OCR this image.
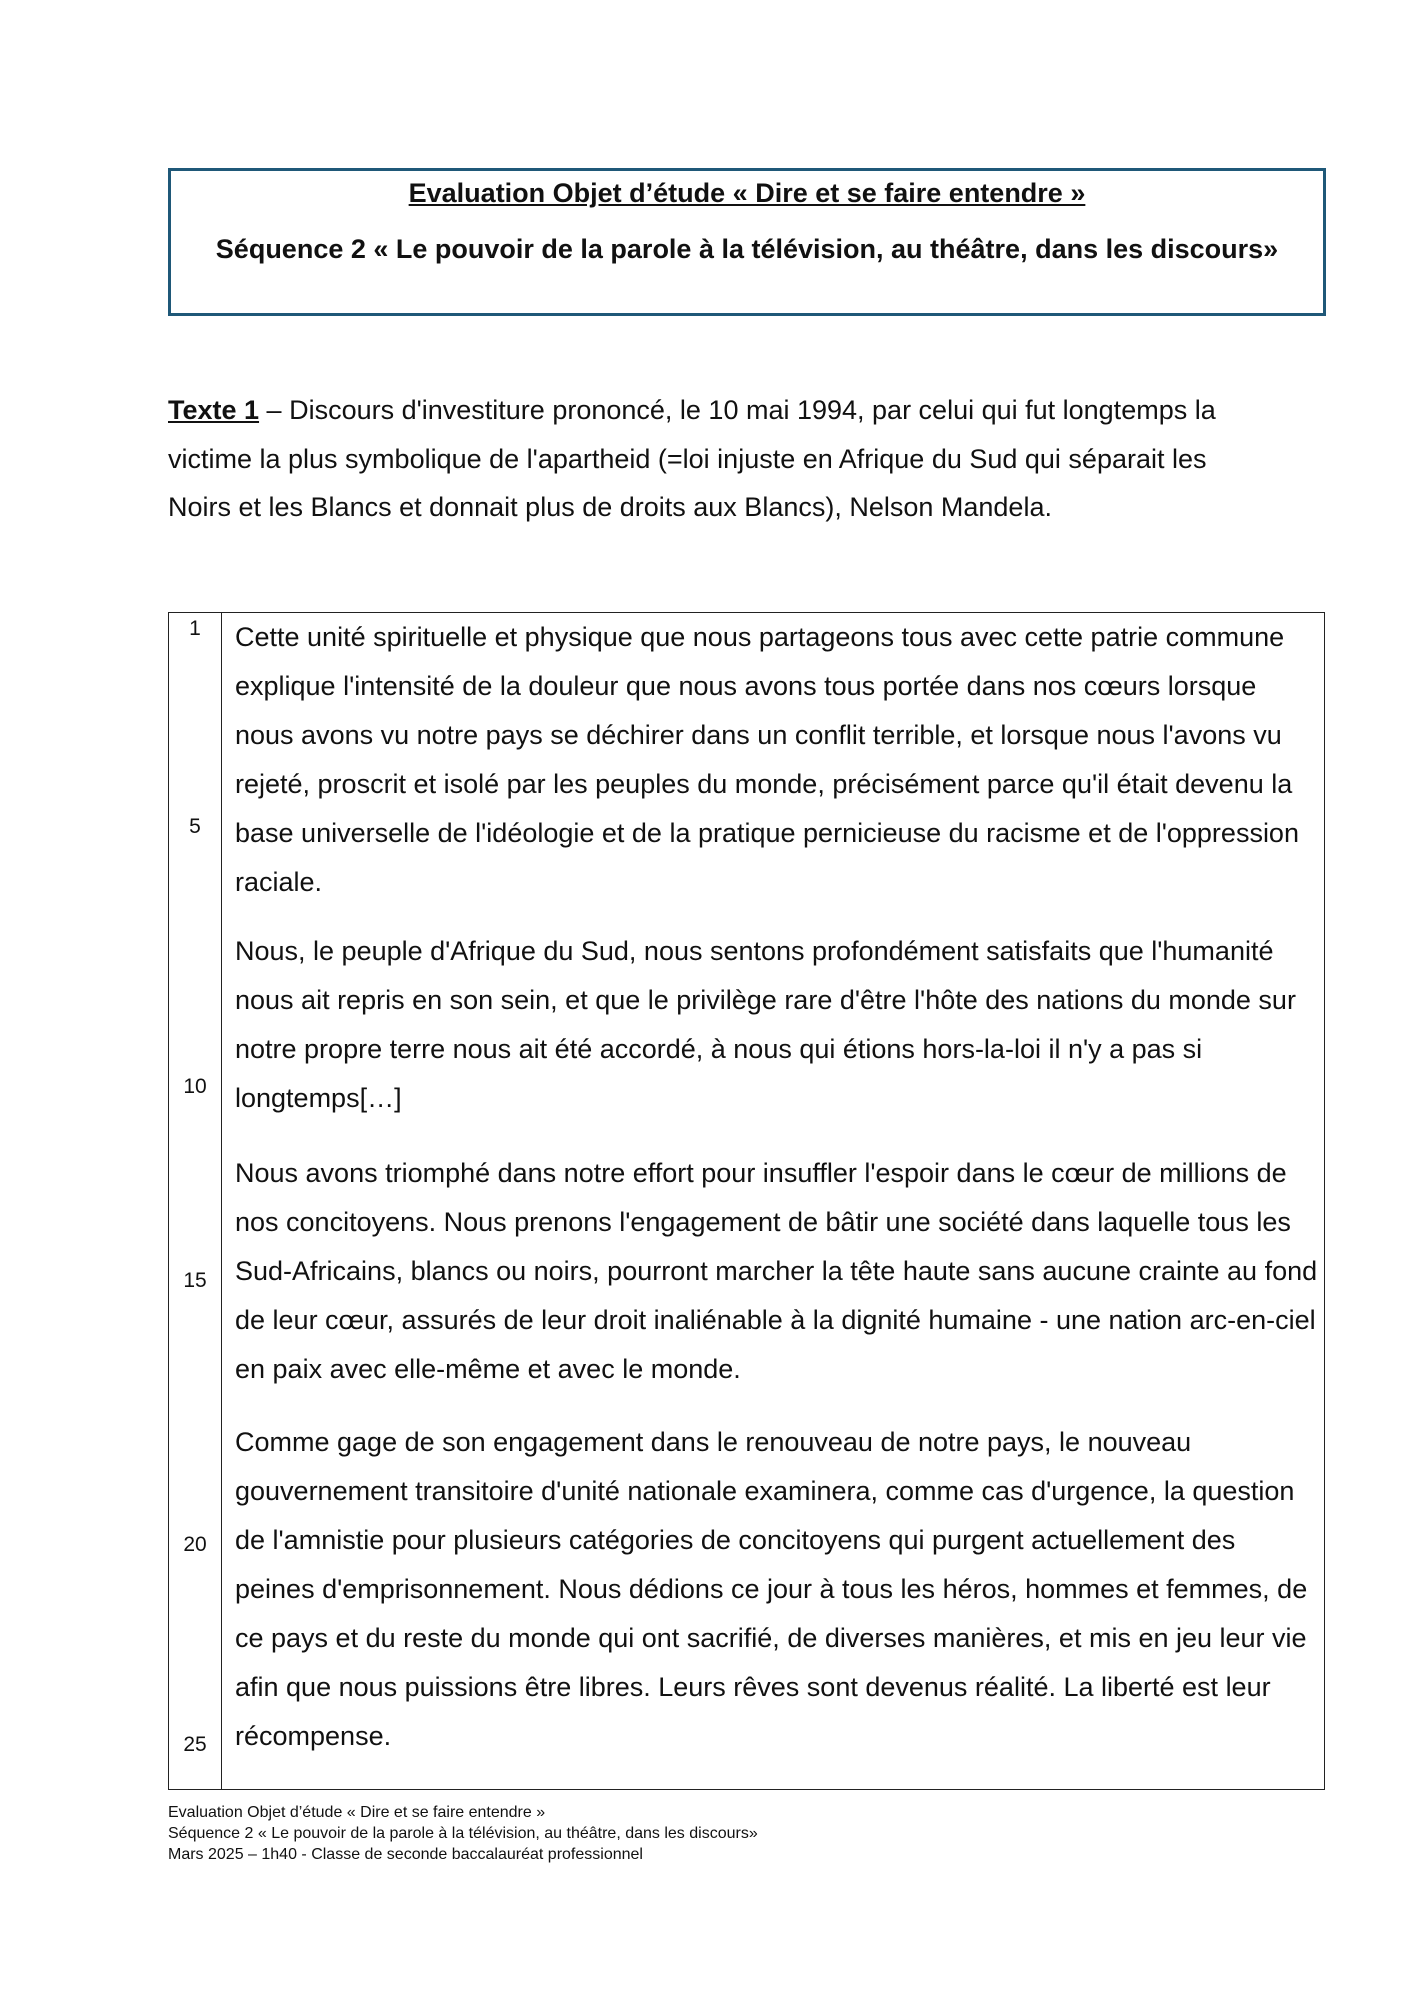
Evaluation Objet d’étude « Dire et se faire entendre »
Séquence 2 « Le pouvoir de la parole à la télévision, au théâtre, dans les discours»

Texte 1 – Discours d'investiture prononcé, le 10 mai 1994, par celui qui fut longtemps la victime la plus symbolique de l'apartheid (=loi injuste en Afrique du Sud qui séparait les Noirs et les Blancs et donnait plus de droits aux Blancs), Nelson Mandela.

1
5
10
15
20
25

Cette unité spirituelle et physique que nous partageons tous avec cette patrie commune explique l'intensité de la douleur que nous avons tous portée dans nos cœurs lorsque nous avons vu notre pays se déchirer dans un conflit terrible, et lorsque nous l'avons vu rejeté, proscrit et isolé par les peuples du monde, précisément parce qu'il était devenu la base universelle de l'idéologie et de la pratique pernicieuse du racisme et de l'oppression raciale.

Nous, le peuple d'Afrique du Sud, nous sentons profondément satisfaits que l'humanité nous ait repris en son sein, et que le privilège rare d'être l'hôte des nations du monde sur notre propre terre nous ait été accordé, à nous qui étions hors-la-loi il n'y a pas si longtemps[…]

Nous avons triomphé dans notre effort pour insuffler l'espoir dans le cœur de millions de nos concitoyens. Nous prenons l'engagement de bâtir une société dans laquelle tous les Sud-Africains, blancs ou noirs, pourront marcher la tête haute sans aucune crainte au fond de leur cœur, assurés de leur droit inaliénable à la dignité humaine - une nation arc-en-ciel en paix avec elle-même et avec le monde.

Comme gage de son engagement dans le renouveau de notre pays, le nouveau gouvernement transitoire d'unité nationale examinera, comme cas d'urgence, la question de l'amnistie pour plusieurs catégories de concitoyens qui purgent actuellement des peines d'emprisonnement. Nous dédions ce jour à tous les héros, hommes et femmes, de ce pays et du reste du monde qui ont sacrifié, de diverses manières, et mis en jeu leur vie afin que nous puissions être libres. Leurs rêves sont devenus réalité. La liberté est leur récompense.

Evaluation Objet d’étude « Dire et se faire entendre »
Séquence 2 « Le pouvoir de la parole à la télévision, au théâtre, dans les discours»
Mars 2025 – 1h40 - Classe de seconde baccalauréat professionnel
